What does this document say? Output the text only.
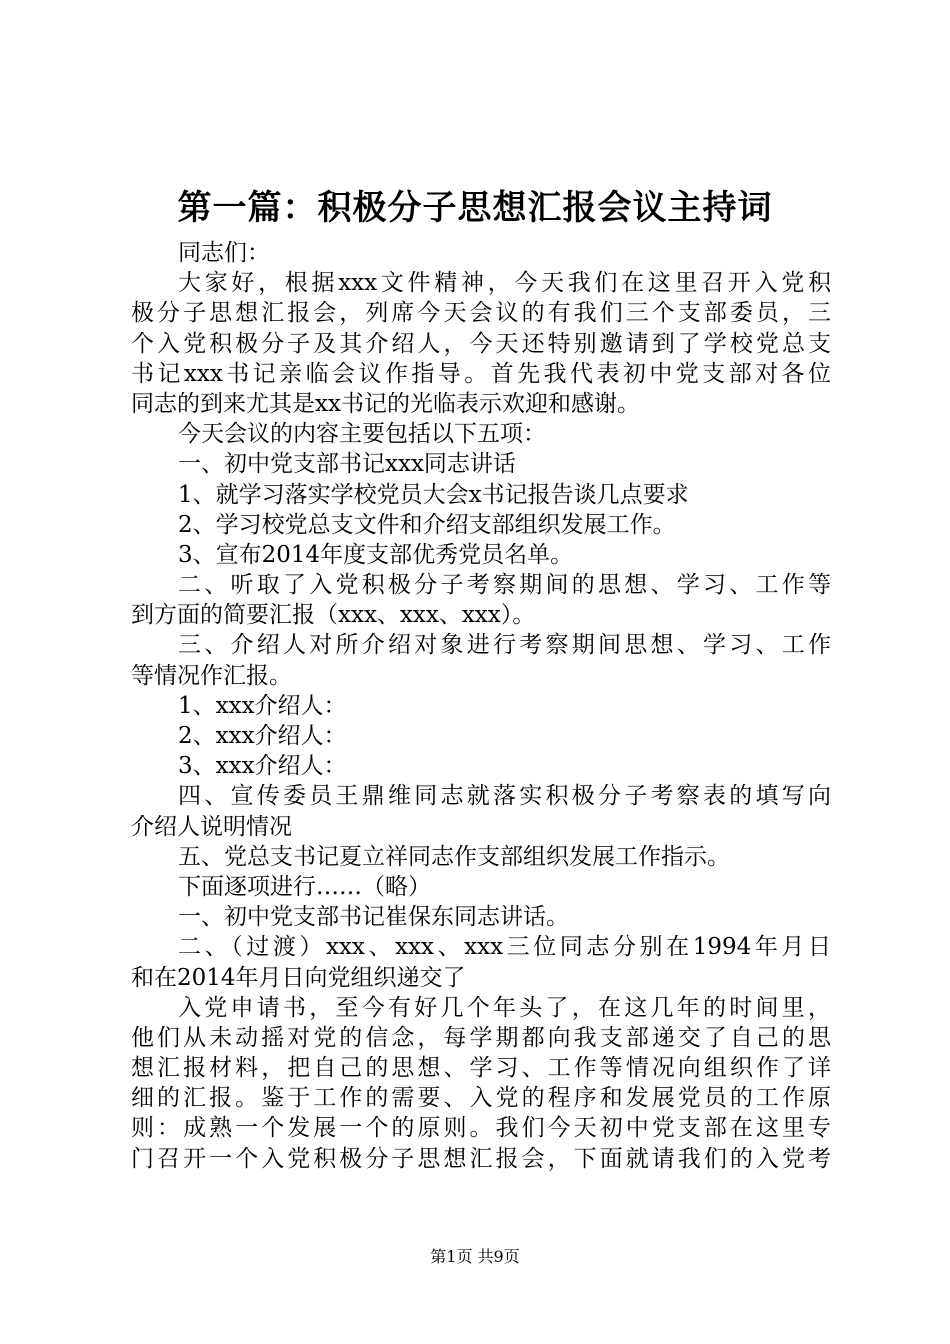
第一篇：积极分子思想汇报会议主持词
同志们：
大家好，根据xxx文件精神，今天我们在这里召开入党积
极分子思想汇报会，列席今天会议的有我们三个支部委员，三
个入党积极分子及其介绍人，今天还特别邀请到了学校党总支
书记xxx书记亲临会议作指导。首先我代表初中党支部对各位
同志的到来尤其是xx书记的光临表示欢迎和感谢。
今天会议的内容主要包括以下五项：
一、初中党支部书记xxx同志讲话
1、就学习落实学校党员大会x书记报告谈几点要求
2、学习校党总支文件和介绍支部组织发展工作。
3、宣布2014年度支部优秀党员名单。
二、听取了入党积极分子考察期间的思想、学习、工作等
到方面的简要汇报（xxx、xxx、xxx）。
三、介绍人对所介绍对象进行考察期间思想、学习、工作
等情况作汇报。
1、xxx介绍人：
2、xxx介绍人：
3、xxx介绍人：
四、宣传委员王鼎维同志就落实积极分子考察表的填写向
介绍人说明情况
五、党总支书记夏立祥同志作支部组织发展工作指示。
下面逐项进行……（略）
一、初中党支部书记崔保东同志讲话。
二、（过渡）xxx、xxx、xxx三位同志分别在1994年月日
和在2014年月日向党组织递交了
入党申请书，至今有好几个年头了，在这几年的时间里，
他们从未动摇对党的信念，每学期都向我支部递交了自己的思
想汇报材料，把自己的思想、学习、工作等情况向组织作了详
细的汇报。鉴于工作的需要、入党的程序和发展党员的工作原
则：成熟一个发展一个的原则。我们今天初中党支部在这里专
门召开一个入党积极分子思想汇报会，下面就请我们的入党考
第1页 共9页
